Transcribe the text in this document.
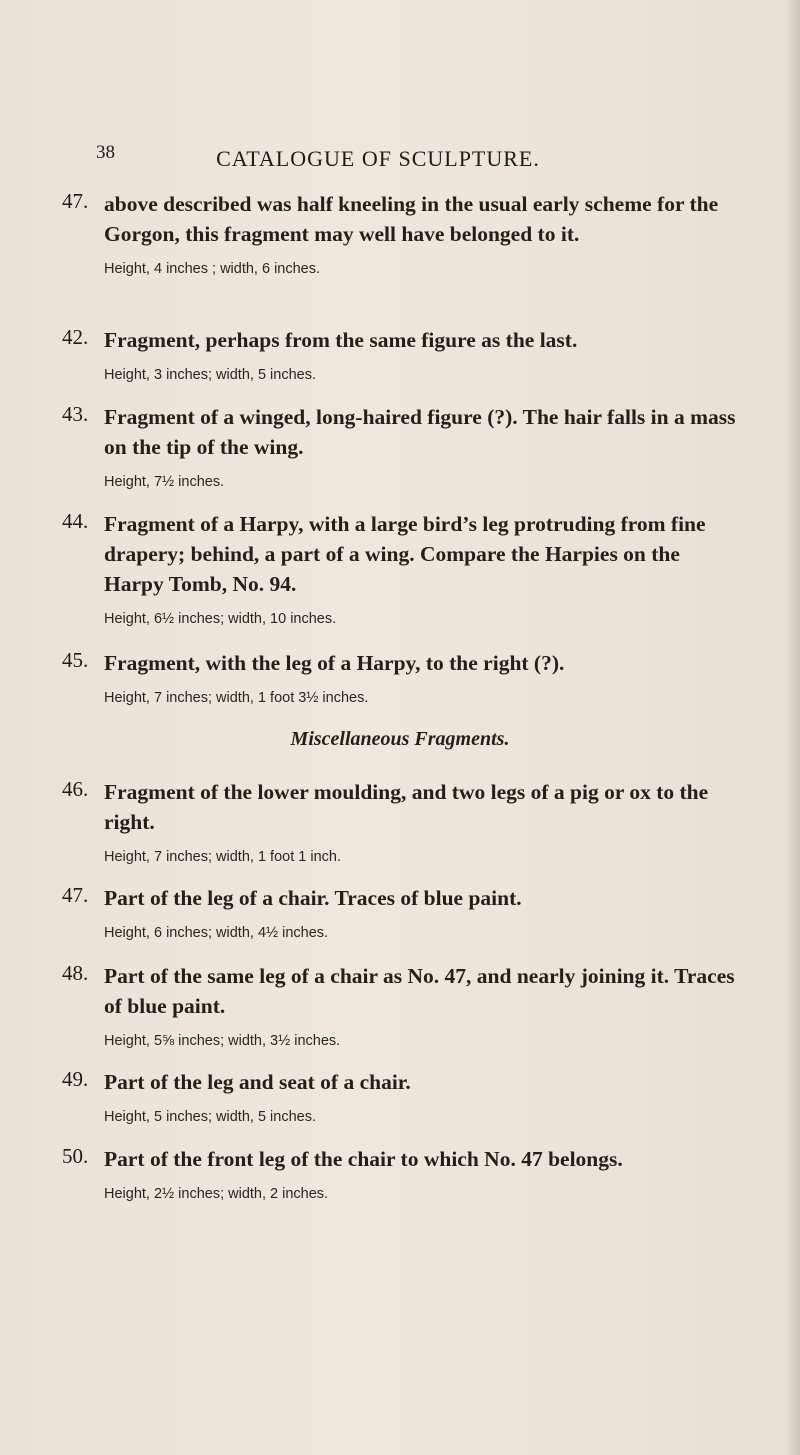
38	CATALOGUE OF SCULPTURE.
47. above described was half kneeling in the usual early scheme for the Gorgon, this fragment may well have belonged to it.
Height, 4 inches ; width, 6 inches.
42. Fragment, perhaps from the same figure as the last.
Height, 3 inches; width, 5 inches.
43. Fragment of a winged, long-haired figure (?). The hair falls in a mass on the tip of the wing.
Height, 7½ inches.
44. Fragment of a Harpy, with a large bird’s leg protruding from fine drapery; behind, a part of a wing. Compare the Harpies on the Harpy Tomb, No. 94.
Height, 6½ inches; width, 10 inches.
45. Fragment, with the leg of a Harpy, to the right (?).
Height, 7 inches; width, 1 foot 3½ inches.
Miscellaneous Fragments.
46. Fragment of the lower moulding, and two legs of a pig or ox to the right.
Height, 7 inches; width, 1 foot 1 inch.
47. Part of the leg of a chair. Traces of blue paint.
Height, 6 inches; width, 4½ inches.
48. Part of the same leg of a chair as No. 47, and nearly joining it. Traces of blue paint.
Height, 5⅝ inches; width, 3½ inches.
49. Part of the leg and seat of a chair.
Height, 5 inches; width, 5 inches.
50. Part of the front leg of the chair to which No. 47 belongs.
Height, 2½ inches; width, 2 inches.
